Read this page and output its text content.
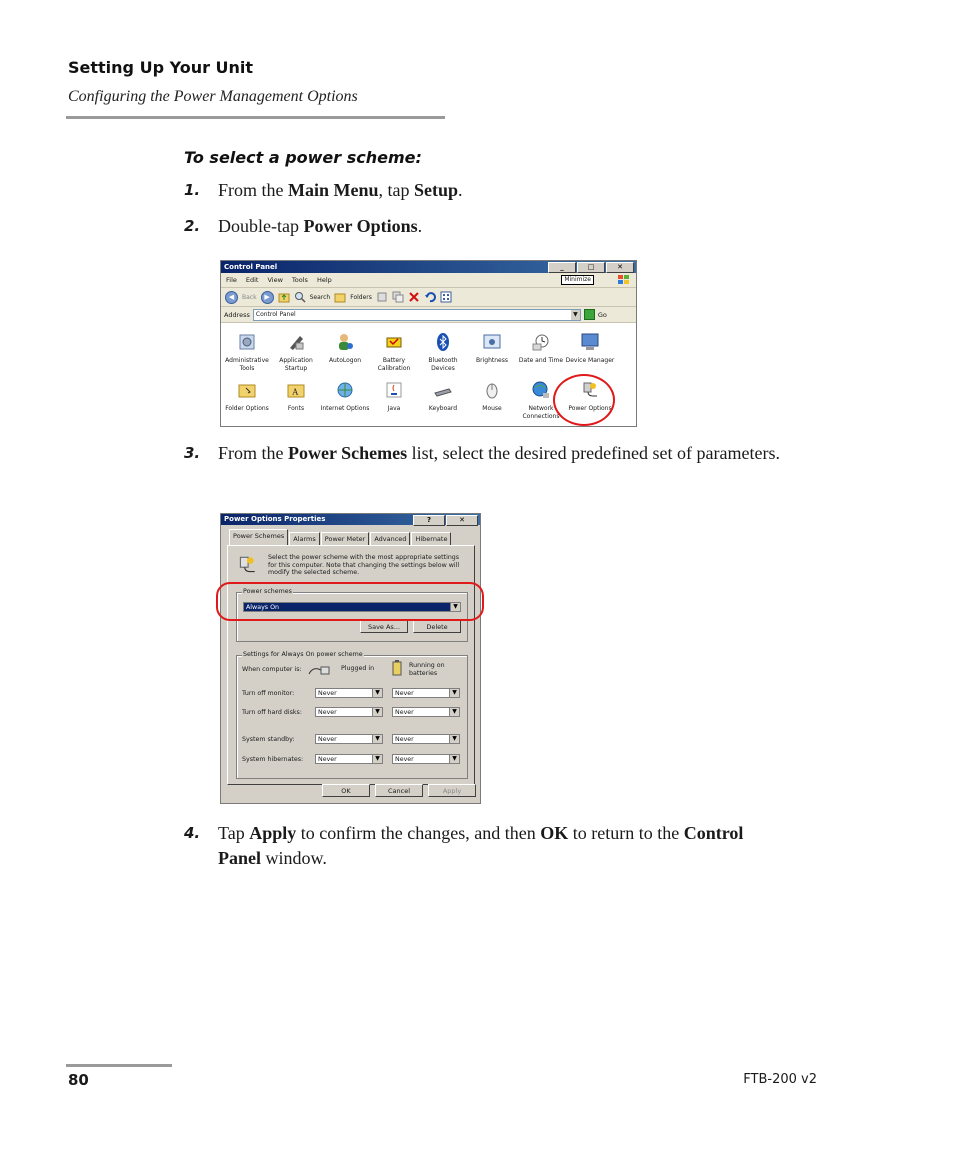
Setting Up Your Unit
Configuring the Power Management Options
To select a power scheme:
1. From the Main Menu, tap Setup.
2. Double-tap Power Options.
Control Panel	_	□	✕
File Edit View Tools Help	Minimize
◀	Back	▶	Search	Folders
Address	Control Panel	▼	Go
Administrative Tools
Application Startup
AutoLogon	Battery Calibration
Bluetooth Devices
Brightness	Date and Time Device Manager
Folder Options
A
Fonts	Internet Options	Java	Keyboard	Mouse	Network Connections
Power Options
3. From the Power Schemes list, select the desired predefined set of parameters.
Power Options Properties	?	✕
Power Schemes	Alarms	Power Meter	Advanced	Hibernate
Select the power scheme with the most appropriate settings for this computer. Note that changing the settings below will modify the selected scheme.
Power schemes
Always On	▼
Save As...	Delete
Settings for Always On power scheme
When computer is:	Plugged in	Running on batteries
Turn off monitor:	Never	▼	Never	▼
Turn off hard disks:	Never	▼	Never	▼
System standby:	Never	▼	Never	▼
System hibernates:	Never	▼	Never	▼
OK	Cancel	Apply
4. Tap Apply to confirm the changes, and then OK to return to the Control Panel window.
80	FTB-200 v2
